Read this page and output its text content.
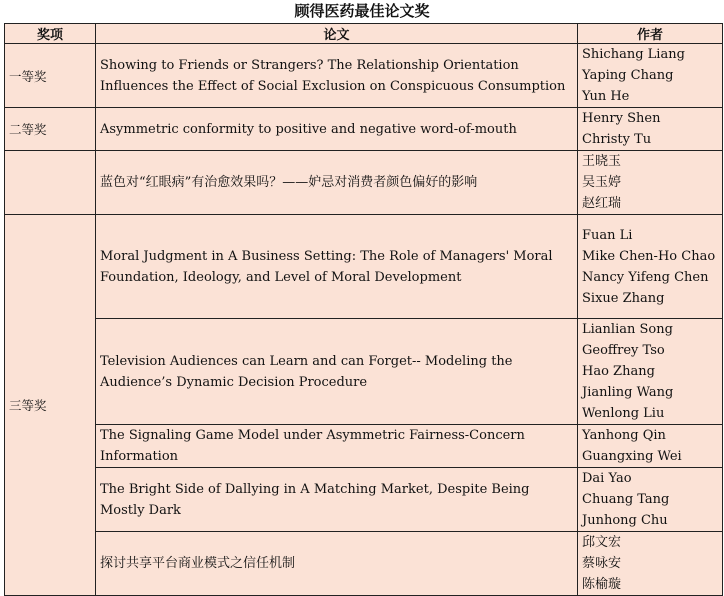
顾得医药最佳论文奖
奖项	论文	作者
一等奖	Showing to Friends or Strangers? The Relationship Orientation Influences the Effect of Social Exclusion on Conspicuous Consumption	Shichang Liang
Yaping Chang
Yun He

二等奖	Asymmetric conformity to positive and negative word-of-mouth	Henry Shen
Christy Tu

	蓝色对“红眼病”有治愈效果吗？——妒忌对消费者颜色偏好的影响	王晓玉
吴玉婷
赵红瑞

三等奖	Moral Judgment in A Business Setting: The Role of Managers' Moral Foundation, Ideology, and Level of Moral Development	Fuan Li
Mike Chen-Ho Chao
Nancy Yifeng Chen
Sixue Zhang

	Television Audiences can Learn and can Forget-- Modeling the Audience’s Dynamic Decision Procedure	Lianlian Song
Geoffrey Tso
Hao Zhang
Jianling Wang
Wenlong Liu

	The Signaling Game Model under Asymmetric Fairness-Concern Information	Yanhong Qin
Guangxing Wei

	The Bright Side of Dallying in A Matching Market, Despite Being Mostly Dark	Dai Yao
Chuang Tang
Junhong Chu

	探讨共享平台商业模式之信任机制	邱文宏
蔡咏安
陈榆璇
